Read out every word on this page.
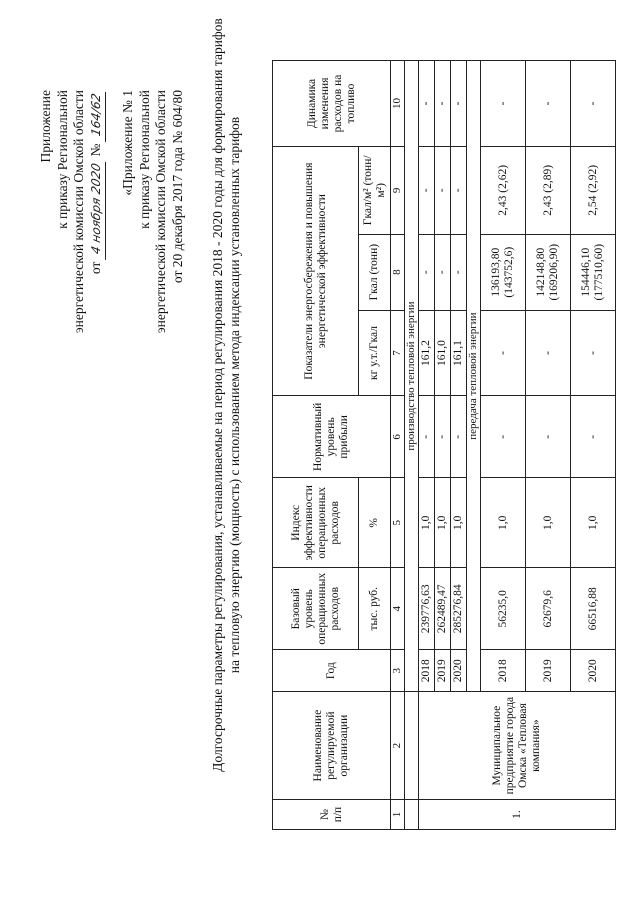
Приложение к приказу Региональной энергетической комиссии Омской области от 4 ноября 2020 № 164/62 «Приложение № 1 к приказу Региональной энергетической комиссии Омской области от 20 декабря 2017 года № 604/80 Долгосрочные параметры регулирования, устанавливаемые на период регулирования 2018 - 2020 годы для формирования тарифов на тепловую энергию (мощность) с использованием метода индексации установленных тарифов
№ п/п	Наименование регулируемой организации	Год	Базовый уровень операционных расходов	Индекс эффективности операционных расходов	Нормативный уровень прибыли	Показатели энергосбережения и повышения энергетической эффективности			Динамика изменения расходов на топливо
			тыс. руб.	%		кг у.т./Гкал	Гкал (тонн)	Гкал/м² (тонн/м²)	
1	2	3	4	5	6	7	8	9	10
		производство тепловой энергии							
1.	Муниципальное предприятие города Омска «Тепловая компания»	2018	239776,63	1,0	-	161,2	-	-	-
		2019	262489,47	1,0	-	161,0	-	-	-
		2020	285276,84	1,0	-	161,1	-	-	-
		передача тепловой энергии							
		2018	56235,0	1,0	-	-	136193,80 (143752,6)	2,43 (2,62)	-
		2019	62679,6	1,0	-	-	142148,80 (169206,90)	2,43 (2,89)	-
		2020	66516,88	1,0	-	-	154446,10 (177510,60)	2,54 (2,92)	-
